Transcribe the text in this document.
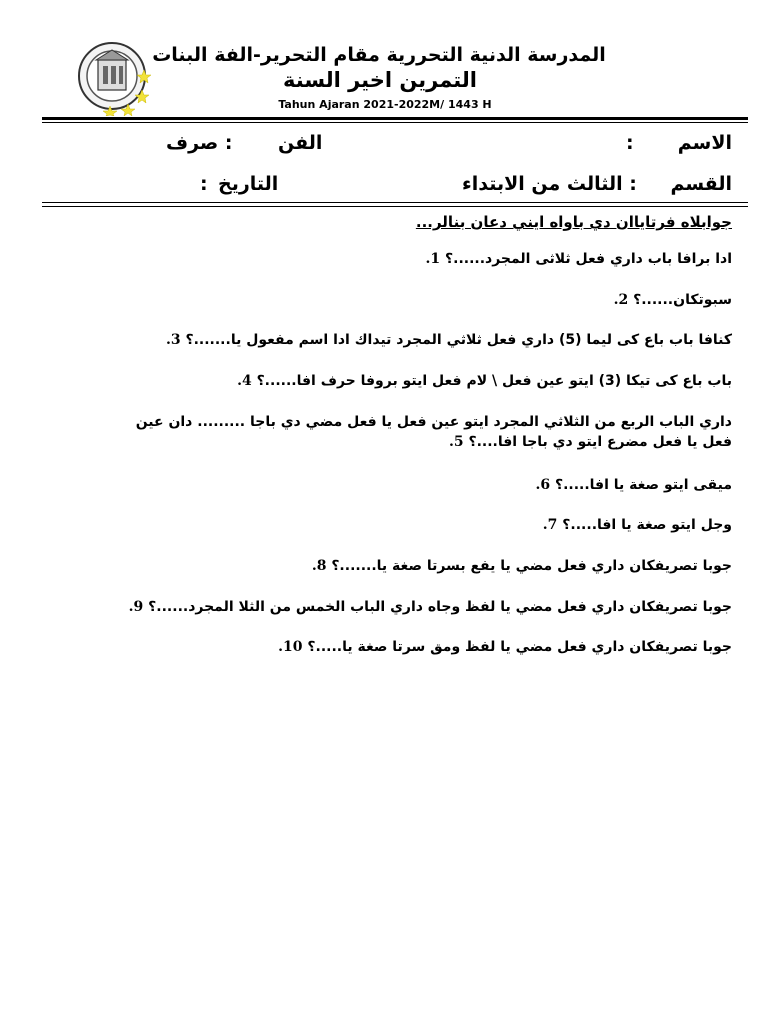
المدرسة الدنية التحررية مقام التحرير-الفة البنات
التمرين اخير السنة
Tahun Ajaran 2021-2022M/ 1443 H
الاسم
:
الفن
: صرف
القسم
: الثالث من الابتداء
التاريخ
:
جوابلاه فرتاياان دي باواه ايني دعان بنالر...
ادا برافا باب داري فعل ثلاثى المجرد......؟ 1.
سبوتكان......؟ 2.
كنافا باب باع كى ليما (5) داري فعل ثلاثي المجرد تيداك ادا اسم مفعول يا.......؟ 3.
باب باع كى تيكا (3) ايتو عين فعل \ لام فعل ايتو بروفا حرف افا......؟ 4.
داري الباب الربع من الثلاثي المجرد ايتو عين فعل يا فعل مضي دي باجا ......... دان عين فعل يا فعل مضرع ايتو دي باجا افا....؟ 5.
ميقى ايتو صغة يا افا.....؟ 6.
وجل ايتو صغة يا افا.....؟ 7.
جوبا تصريفكان داري فعل مضي يا يفع بسرتا صغة يا.......؟ 8.
جوبا تصريفكان داري فعل مضي يا لفظ وجاه داري الباب الخمس من الثلا المجرد......؟ 9.
جوبا تصريفكان داري فعل مضي يا لفظ ومق سرتا صغة يا.....؟ 10.
